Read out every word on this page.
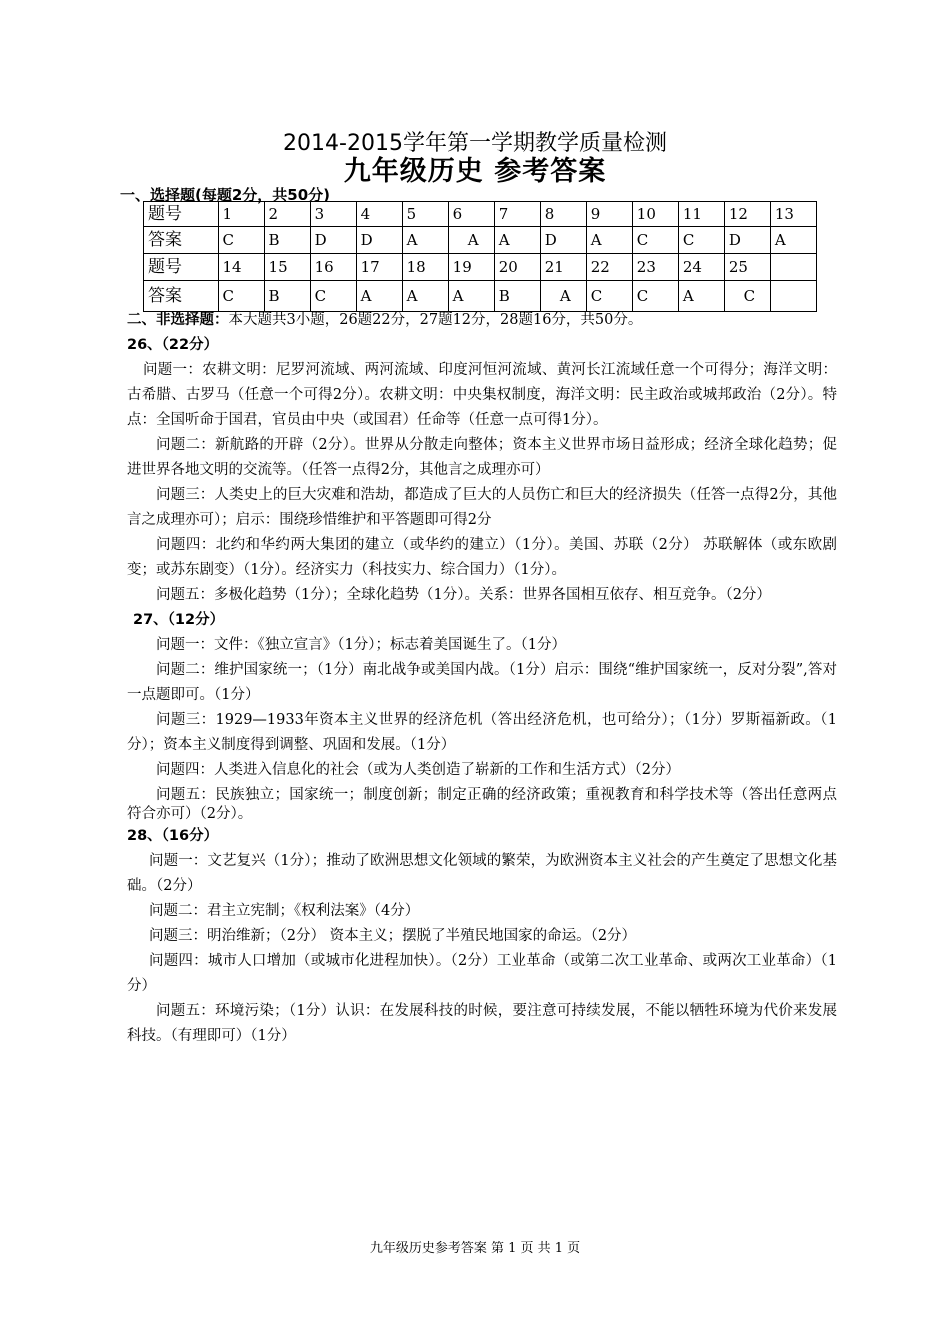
2014-2015学年第一学期教学质量检测
九年级历史 参考答案
一、选择题(每题2分，共50分)
题号	1	2	3	4	5	6	7	8	9	10	11	12	13
答案	C	B	D	D	A	A	A	D	A	C	C	D	A
题号	14	15	16	17	18	19	20	21	22	23	24	25	
答案	C	B	C	A	A	A	B	A	C	C	A	C	

二、非选择题：本大题共3小题，26题22分，27题12分，28题16分，共50分。

26、（22分）

问题一：农耕文明：尼罗河流域、两河流域、印度河恒河流域、黄河长江流域任意一个可得分；海洋文明：古希腊、古罗马（任意一个可得2分）。农耕文明：中央集权制度，海洋文明：民主政治或城邦政治（2分）。特点：全国听命于国君，官员由中央（或国君）任命等（任意一点可得1分）。

问题二：新航路的开辟（2分）。世界从分散走向整体；资本主义世界市场日益形成；经济全球化趋势；促进世界各地文明的交流等。（任答一点得2分，其他言之成理亦可）

问题三：人类史上的巨大灾难和浩劫，都造成了巨大的人员伤亡和巨大的经济损失（任答一点得2分，其他言之成理亦可）；启示：围绕珍惜维护和平答题即可得2分

问题四：北约和华约两大集团的建立（或华约的建立）（1分）。美国、苏联（2分） 苏联解体（或东欧剧变；或苏东剧变）（1分）。经济实力（科技实力、综合国力）（1分）。

问题五：多极化趋势（1分）；全球化趋势（1分）。关系：世界各国相互依存、相互竞争。（2分）

27、（12分）

问题一：文件：《独立宣言》（1分）；标志着美国诞生了。（1分）

问题二：维护国家统一；（1分）南北战争或美国内战。（1分）启示：围绕“维护国家统一，反对分裂”,答对一点题即可。（1分）

问题三：1929—1933年资本主义世界的经济危机（答出经济危机，也可给分）；（1分）罗斯福新政。（1分）；资本主义制度得到调整、巩固和发展。（1分）

问题四：人类进入信息化的社会（或为人类创造了崭新的工作和生活方式）（2分）

问题五：民族独立；国家统一；制度创新；制定正确的经济政策；重视教育和科学技术等（答出任意两点符合亦可）（2分）。

28、（16分）

问题一：文艺复兴（1分）；推动了欧洲思想文化领域的繁荣，为欧洲资本主义社会的产生奠定了思想文化基础。（2分）

问题二：君主立宪制；《权利法案》（4分）

问题三：明治维新；（2分） 资本主义；摆脱了半殖民地国家的命运。（2分）

问题四：城市人口增加（或城市化进程加快）。（2分）工业革命（或第二次工业革命、或两次工业革命）（1分）

问题五：环境污染；（1分）认识：在发展科技的时候，要注意可持续发展，不能以牺牲环境为代价来发展科技。（有理即可）（1分）

九年级历史参考答案 第 1 页 共 1 页
